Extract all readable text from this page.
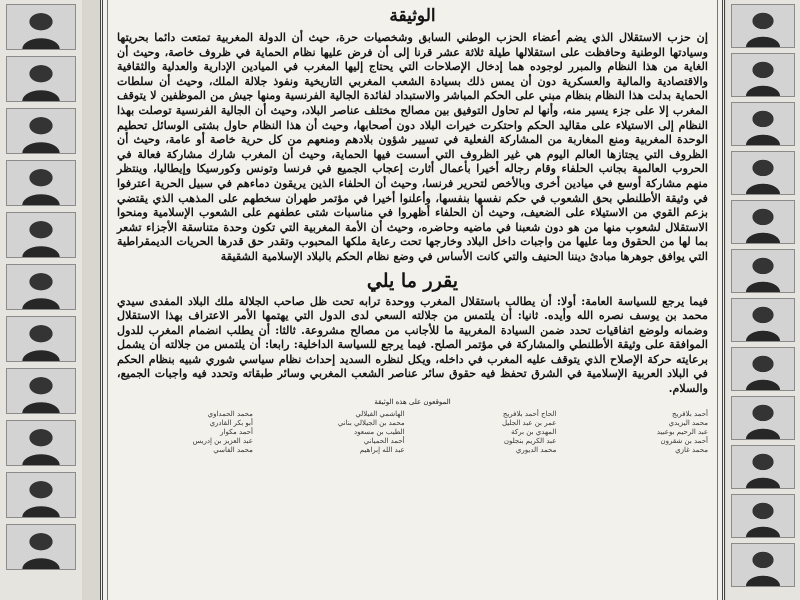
الوثيقة

إن حزب الاستقلال الذي يضم أعضاء الحزب الوطني السابق وشخصيات حرة، حيث أن الدولة المغربية تمتعت دائما بحريتها وسيادتها الوطنية وحافظت على استقلالها طيلة ثلاثة عشر قرنا إلى أن فرض عليها نظام الحماية في ظروف خاصة، وحيث أن الغاية من هذا النظام والمبرر لوجوده هما إدخال الإصلاحات التي يحتاج إليها المغرب في الميادين الإدارية والعدلية والثقافية والاقتصادية والمالية والعسكرية دون أن يمس ذلك بسيادة الشعب المغربي التاريخية ونفوذ جلالة الملك، وحيث أن سلطات الحماية بدلت هذا النظام بنظام مبني على الحكم المباشر والاستبداد لفائدة الجالية الفرنسية ومنها جيش من الموظفين لا يتوقف المغرب إلا على جزء يسير منه، وأنها لم تحاول التوفيق بين مصالح مختلف عناصر البلاد، وحيث أن الجالية الفرنسية توصلت بهذا النظام إلى الاستيلاء على مقاليد الحكم واحتكرت خيرات البلاد دون أصحابها، وحيث أن هذا النظام حاول بشتى الوسائل تحطيم الوحدة المغربية ومنع المغاربة من المشاركة الفعلية في تسيير شؤون بلادهم ومنعهم من كل حرية خاصة أو عامة، وحيث أن الظروف التي يجتازها العالم اليوم هي غير الظروف التي أسست فيها الحماية، وحيث أن المغرب شارك مشاركة فعالة في الحروب العالمية بجانب الحلفاء وقام رجاله أخيرا بأعمال أثارت إعجاب الجميع في فرنسا وتونس وكورسيكا وإيطاليا، وينتظر منهم مشاركة أوسع في ميادين أخرى وبالأخص لتحرير فرنسا، وحيث أن الحلفاء الذين يريقون دماءهم في سبيل الحرية اعترفوا في وثيقة الأطلنطي بحق الشعوب في حكم نفسها بنفسها، وأعلنوا أخيرا في مؤتمر طهران سخطهم على المذهب الذي يقتضي بزعم القوي من الاستيلاء على الضعيف، وحيث أن الحلفاء أظهروا في مناسبات شتى عطفهم على الشعوب الإسلامية ومنحوا الاستقلال لشعوب منها من هو دون شعبنا في ماضيه وحاضره، وحيث أن الأمة المغربية التي تكون وحدة متناسقة الأجزاء تشعر بما لها من الحقوق وما عليها من واجبات داخل البلاد وخارجها تحت رعاية ملكها المحبوب وتقدر حق قدرها الحريات الديمقراطية التي يوافق جوهرها مبادئ ديننا الحنيف والتي كانت الأساس في وضع نظام الحكم بالبلاد الإسلامية الشقيقة

يقرر ما يلي

فيما يرجع للسياسة العامة: أولا: أن يطالب باستقلال المغرب ووحدة ترابه تحت ظل صاحب الجلالة ملك البلاد المفدى سيدي محمد بن يوسف نصره الله وأيده. ثانيا: أن يلتمس من جلالته السعي لدى الدول التي يهتمها الأمر الاعتراف بهذا الاستقلال وضمانه ولوضع اتفاقيات تحدد ضمن السيادة المغربية ما للأجانب من مصالح مشروعة. ثالثا: أن يطلب انضمام المغرب للدول الموافقة على وثيقة الأطلنطي والمشاركة في مؤتمر الصلح. فيما يرجع للسياسة الداخلية: رابعا: أن يلتمس من جلالته أن يشمل برعايته حركة الإصلاح الذي يتوقف عليه المغرب في داخله، ويكل لنظره السديد إحداث نظام سياسي شوري شبيه بنظام الحكم في البلاد العربية الإسلامية في الشرق تحفظ فيه حقوق سائر عناصر الشعب المغربي وسائر طبقاته وتحدد فيه واجبات الجميع، والسلام.

الموقعون على هذه الوثيقة
أحمد بلافريج
محمد اليزيدي
عبد الرحيم بوعبيد
أحمد بن شقرون
محمد غازي
الحاج أحمد بلافريج
عمر بن عبد الجليل
المهدي بن بركة
عبد الكريم بنجلون
محمد الديوري
الهاشمي الفيلالي
محمد بن الجيلالي بناني
الطيب بن مسعود
أحمد الحمياني
عبد الله إبراهيم
محمد الحمداوي
أبو بكر القادري
أحمد مكوار
عبد العزيز بن إدريس
محمد الفاسي
